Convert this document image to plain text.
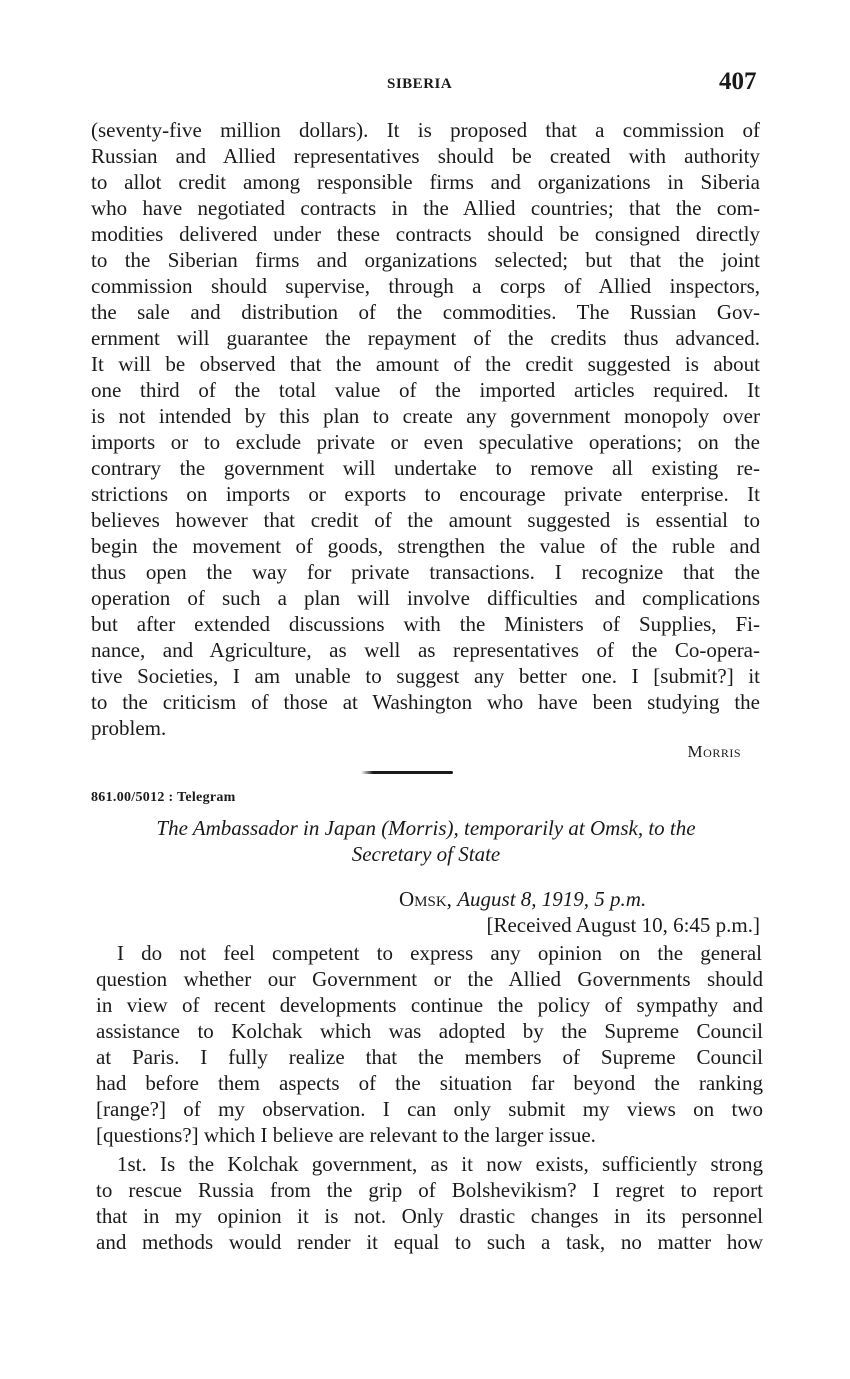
SIBERIA	407
(seventy-five million dollars). It is proposed that a commission of
Russian and Allied representatives should be created with authority
to allot credit among responsible firms and organizations in Siberia
who have negotiated contracts in the Allied countries; that the com-
modities delivered under these contracts should be consigned directly
to the Siberian firms and organizations selected; but that the joint
commission should supervise, through a corps of Allied inspectors,
the sale and distribution of the commodities. The Russian Gov-
ernment will guarantee the repayment of the credits thus advanced.
It will be observed that the amount of the credit suggested is about
one third of the total value of the imported articles required. It
is not intended by this plan to create any government monopoly over
imports or to exclude private or even speculative operations; on the
contrary the government will undertake to remove all existing re-
strictions on imports or exports to encourage private enterprise. It
believes however that credit of the amount suggested is essential to
begin the movement of goods, strengthen the value of the ruble and
thus open the way for private transactions. I recognize that the
operation of such a plan will involve difficulties and complications
but after extended discussions with the Ministers of Supplies, Fi-
nance, and Agriculture, as well as representatives of the Co-opera-
tive Societies, I am unable to suggest any better one. I [submit?] it
to the criticism of those at Washington who have been studying the
problem.
Morris
861.00/5012 : Telegram
The Ambassador in Japan (Morris), temporarily at Omsk, to the
Secretary of State
Omsk, August 8, 1919, 5 p.m.
[Received August 10, 6:45 p.m.]
I do not feel competent to express any opinion on the general
question whether our Government or the Allied Governments should
in view of recent developments continue the policy of sympathy and
assistance to Kolchak which was adopted by the Supreme Council
at Paris. I fully realize that the members of Supreme Council
had before them aspects of the situation far beyond the ranking
[range?] of my observation. I can only submit my views on two
[questions?] which I believe are relevant to the larger issue.
1st. Is the Kolchak government, as it now exists, sufficiently strong
to rescue Russia from the grip of Bolshevikism? I regret to report
that in my opinion it is not. Only drastic changes in its personnel
and methods would render it equal to such a task, no matter how
